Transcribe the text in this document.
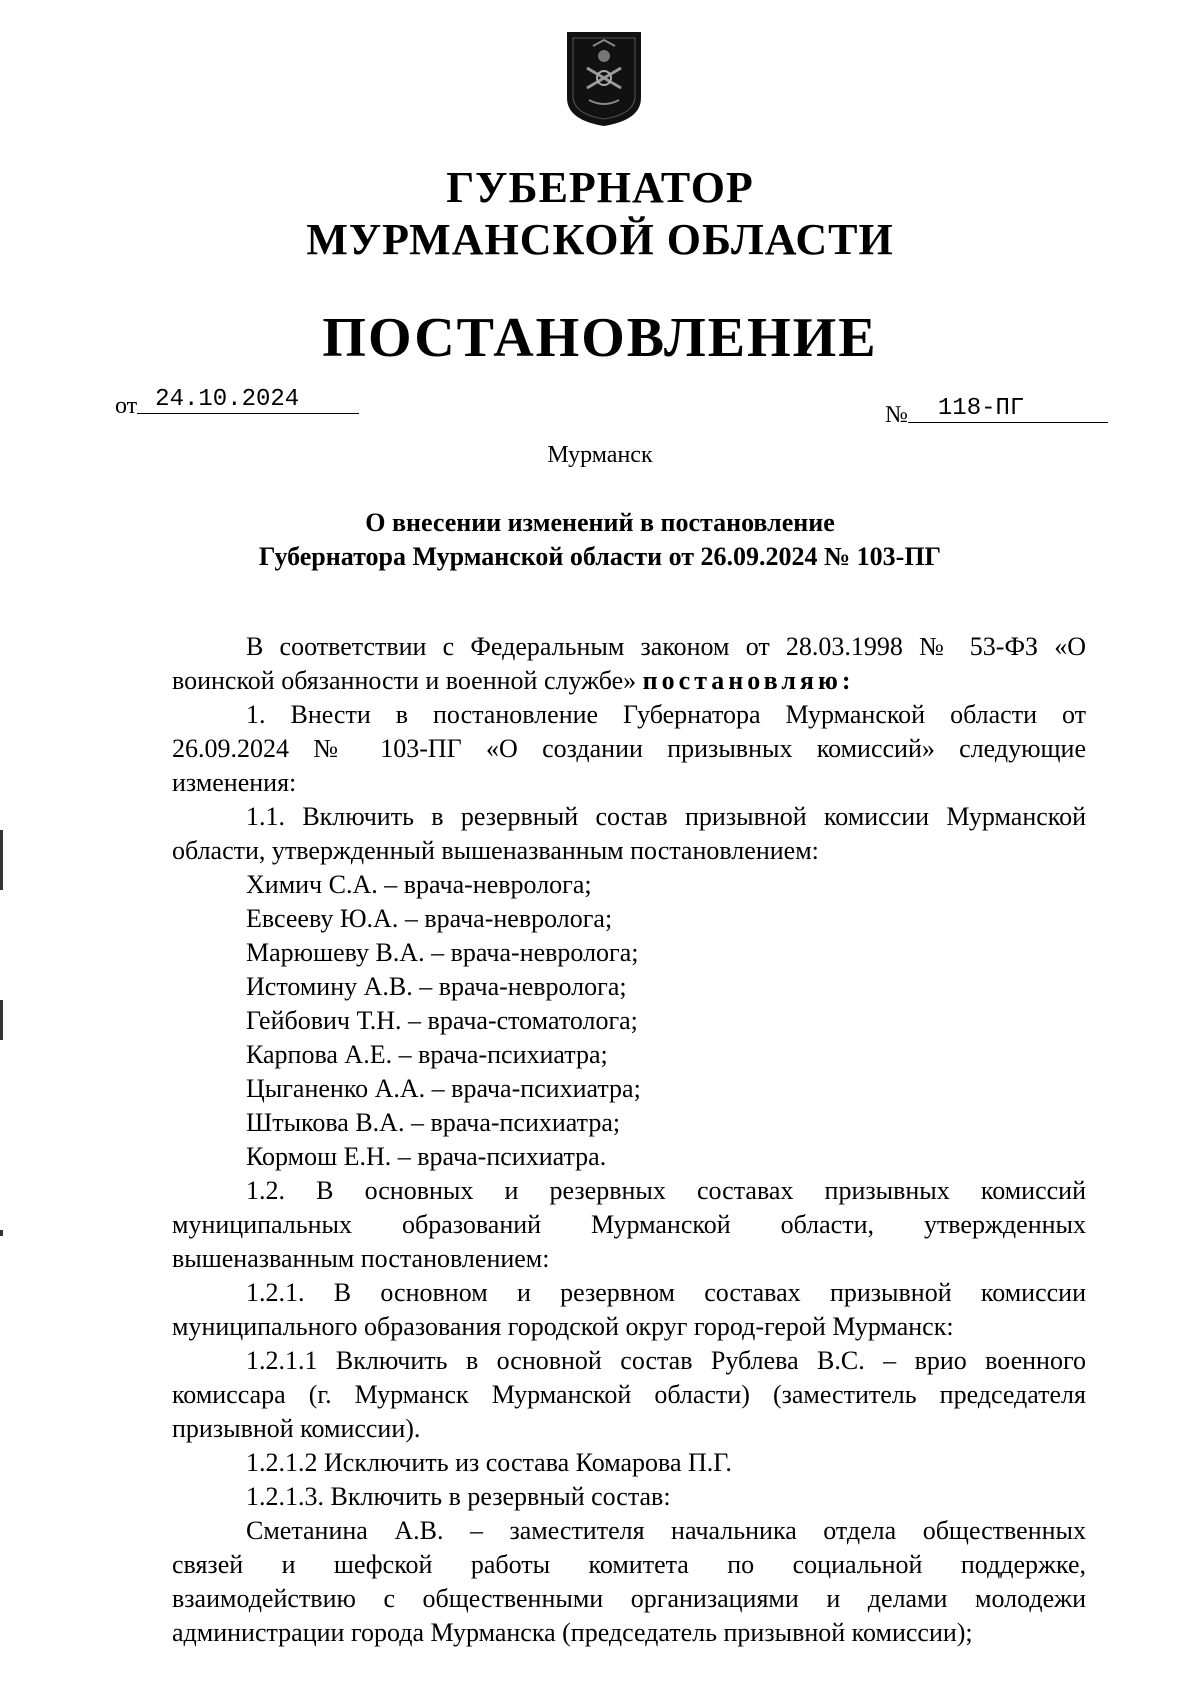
ГУБЕРНАТОР
МУРМАНСКОЙ ОБЛАСТИ
ПОСТАНОВЛЕНИЕ
от 24.10.2024
№ 118-ПГ
Мурманск
О внесении изменений в постановление
Губернатора Мурманской области от 26.09.2024 № 103-ПГ

В соответствии с Федеральным законом от 28.03.1998 № 53-ФЗ «О

воинской обязанности и военной службе» постановляю:

1. Внести в постановление Губернатора Мурманской области от

26.09.2024 № 103-ПГ «О создании призывных комиссий» следующие

изменения:

1.1. Включить в резервный состав призывной комиссии Мурманской

области, утвержденный вышеназванным постановлением:

Химич С.А. – врача-невролога;

Евсееву Ю.А. – врача-невролога;

Марюшеву В.А. – врача-невролога;

Истомину А.В. – врача-невролога;

Гейбович Т.Н. – врача-стоматолога;

Карпова А.Е. – врача-психиатра;

Цыганенко А.А. – врача-психиатра;

Штыкова В.А. – врача-психиатра;

Кормош Е.Н. – врача-психиатра.

1.2. В основных и резервных составах призывных комиссий

муниципальных образований Мурманской области, утвержденных

вышеназванным постановлением:

1.2.1. В основном и резервном составах призывной комиссии

муниципального образования городской округ город-герой Мурманск:

1.2.1.1 Включить в основной состав Рублева В.С. – врио военного

комиссара (г. Мурманск Мурманской области) (заместитель председателя

призывной комиссии).

1.2.1.2 Исключить из состава Комарова П.Г.

1.2.1.3. Включить в резервный состав:

Сметанина А.В. – заместителя начальника отдела общественных

связей и шефской работы комитета по социальной поддержке,

взаимодействию с общественными организациями и делами молодежи

администрации города Мурманска (председатель призывной комиссии);
